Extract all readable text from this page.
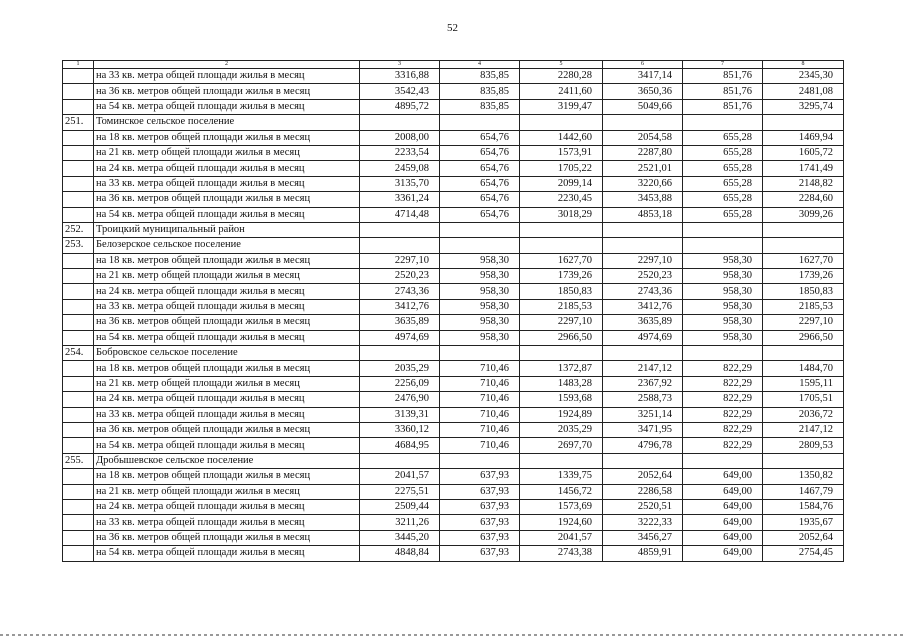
52
1	2	3	4	5	6	7	8
	на 33 кв. метра общей площади жилья в месяц	3316,88	835,85	2280,28	3417,14	851,76	2345,30
	на 36 кв. метров общей площади жилья в месяц	3542,43	835,85	2411,60	3650,36	851,76	2481,08
	на 54 кв. метра общей площади жилья в месяц	4895,72	835,85	3199,47	5049,66	851,76	3295,74
251.	Томинское сельское поселение						
	на 18 кв. метров общей площади жилья в месяц	2008,00	654,76	1442,60	2054,58	655,28	1469,94
	на 21 кв. метр общей площади жилья в месяц	2233,54	654,76	1573,91	2287,80	655,28	1605,72
	на 24 кв. метра общей площади жилья в месяц	2459,08	654,76	1705,22	2521,01	655,28	1741,49
	на 33 кв. метра общей площади жилья в месяц	3135,70	654,76	2099,14	3220,66	655,28	2148,82
	на 36 кв. метров общей площади жилья в месяц	3361,24	654,76	2230,45	3453,88	655,28	2284,60
	на 54 кв. метра общей площади жилья в месяц	4714,48	654,76	3018,29	4853,18	655,28	3099,26
252.	Троицкий муниципальный район						
253.	Белозерское сельское поселение						
	на 18 кв. метров общей площади жилья в месяц	2297,10	958,30	1627,70	2297,10	958,30	1627,70
	на 21 кв. метр общей площади жилья в месяц	2520,23	958,30	1739,26	2520,23	958,30	1739,26
	на 24 кв. метра общей площади жилья в месяц	2743,36	958,30	1850,83	2743,36	958,30	1850,83
	на 33 кв. метра общей площади жилья в месяц	3412,76	958,30	2185,53	3412,76	958,30	2185,53
	на 36 кв. метров общей площади жилья в месяц	3635,89	958,30	2297,10	3635,89	958,30	2297,10
	на 54 кв. метра общей площади жилья в месяц	4974,69	958,30	2966,50	4974,69	958,30	2966,50
254.	Бобровское сельское поселение						
	на 18 кв. метров общей площади жилья в месяц	2035,29	710,46	1372,87	2147,12	822,29	1484,70
	на 21 кв. метр общей площади жилья в месяц	2256,09	710,46	1483,28	2367,92	822,29	1595,11
	на 24 кв. метра общей площади жилья в месяц	2476,90	710,46	1593,68	2588,73	822,29	1705,51
	на 33 кв. метра общей площади жилья в месяц	3139,31	710,46	1924,89	3251,14	822,29	2036,72
	на 36 кв. метров общей площади жилья в месяц	3360,12	710,46	2035,29	3471,95	822,29	2147,12
	на 54 кв. метра общей площади жилья в месяц	4684,95	710,46	2697,70	4796,78	822,29	2809,53
255.	Дробышевское сельское поселение						
	на 18 кв. метров общей площади жилья в месяц	2041,57	637,93	1339,75	2052,64	649,00	1350,82
	на 21 кв. метр общей площади жилья в месяц	2275,51	637,93	1456,72	2286,58	649,00	1467,79
	на 24 кв. метра общей площади жилья в месяц	2509,44	637,93	1573,69	2520,51	649,00	1584,76
	на 33 кв. метра общей площади жилья в месяц	3211,26	637,93	1924,60	3222,33	649,00	1935,67
	на 36 кв. метров общей площади жилья в месяц	3445,20	637,93	2041,57	3456,27	649,00	2052,64
	на 54 кв. метра общей площади жилья в месяц	4848,84	637,93	2743,38	4859,91	649,00	2754,45
